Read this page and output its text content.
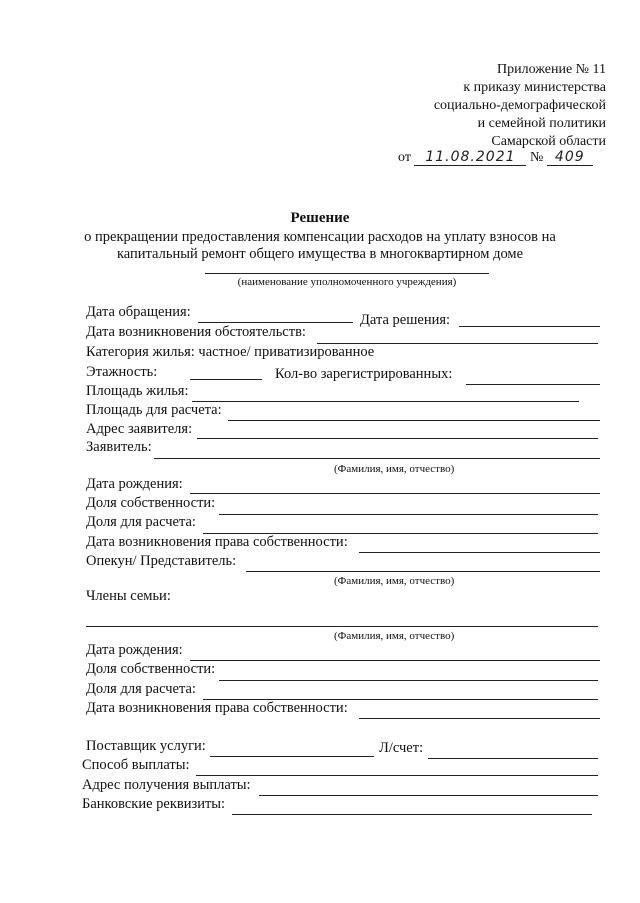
Приложение № 11
к приказу министерства
социально-демографической
и семейной политики
Самарской области
от 11.08.2021 № 409
Решение
о прекращении предоставления компенсации расходов на уплату взносов на
капитальный ремонт общего имущества в многоквартирном доме
(наименование уполномоченного учреждения)
Дата обращения:	Дата решения:
Дата возникновения обстоятельств:
Категория жилья: частное/ приватизированное
Этажность:	Кол-во зарегистрированных:
Площадь жилья:
Площадь для расчета:
Адрес заявителя:
Заявитель:
(Фамилия, имя, отчество)
Дата рождения:
Доля собственности:
Доля для расчета:
Дата возникновения права собственности:
Опекун/ Представитель:
(Фамилия, имя, отчество)
Члены семьи:
(Фамилия, имя, отчество)
Дата рождения:
Доля собственности:
Доля для расчета:
Дата возникновения права собственности:
Поставщик услуги:	Л/счет:
Способ выплаты:
Адрес получения выплаты:
Банковские реквизиты:
